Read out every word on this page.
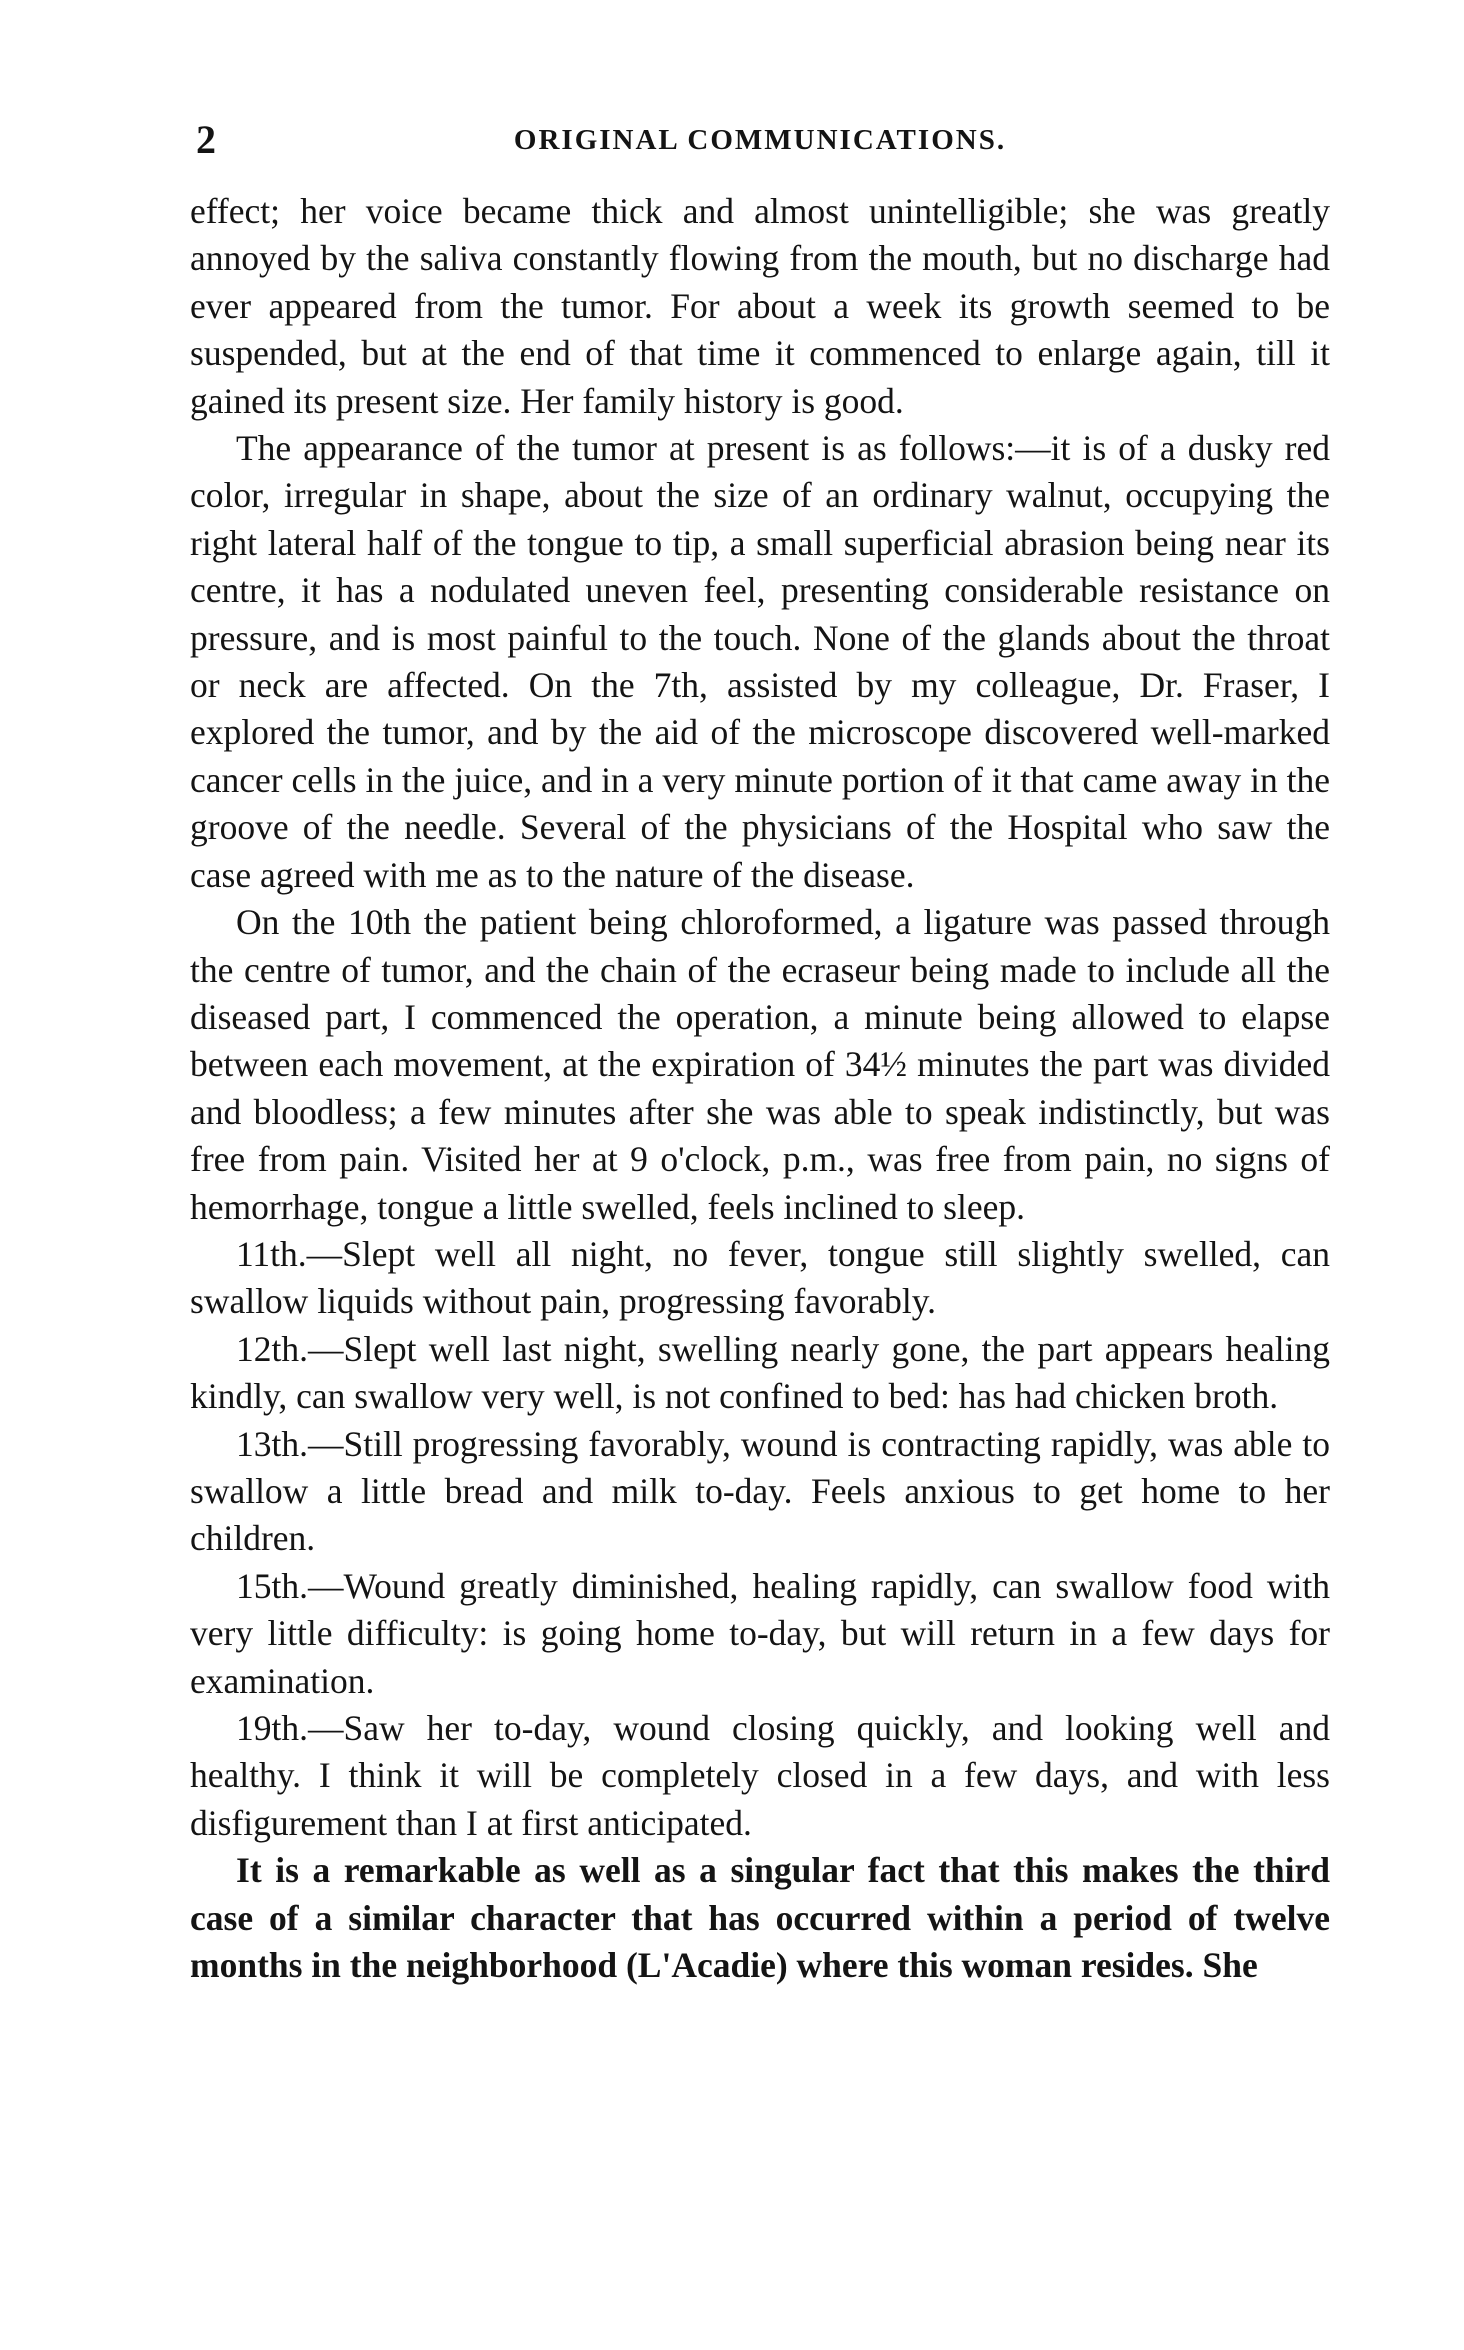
2	ORIGINAL COMMUNICATIONS.

effect; her voice became thick and almost unintelligible; she was greatly annoyed by the saliva constantly flowing from the mouth, but no discharge had ever appeared from the tumor. For about a week its growth seemed to be suspended, but at the end of that time it commenced to enlarge again, till it gained its present size. Her family history is good.

The appearance of the tumor at present is as follows:—it is of a dusky red color, irregular in shape, about the size of an ordinary walnut, occupying the right lateral half of the tongue to tip, a small superficial abrasion being near its centre, it has a nodulated uneven feel, presenting considerable resistance on pressure, and is most painful to the touch. None of the glands about the throat or neck are affected. On the 7th, assisted by my colleague, Dr. Fraser, I explored the tumor, and by the aid of the microscope discovered well-marked cancer cells in the juice, and in a very minute portion of it that came away in the groove of the needle. Several of the physicians of the Hospital who saw the case agreed with me as to the nature of the disease.

On the 10th the patient being chloroformed, a ligature was passed through the centre of tumor, and the chain of the ecraseur being made to include all the diseased part, I commenced the operation, a minute being allowed to elapse between each movement, at the expiration of 34½ minutes the part was divided and bloodless; a few minutes after she was able to speak indistinctly, but was free from pain. Visited her at 9 o'clock, p.m., was free from pain, no signs of hemorrhage, tongue a little swelled, feels inclined to sleep.

11th.—Slept well all night, no fever, tongue still slightly swelled, can swallow liquids without pain, progressing favorably.

12th.—Slept well last night, swelling nearly gone, the part appears healing kindly, can swallow very well, is not confined to bed: has had chicken broth.

13th.—Still progressing favorably, wound is contracting rapidly, was able to swallow a little bread and milk to-day. Feels anxious to get home to her children.

15th.—Wound greatly diminished, healing rapidly, can swallow food with very little difficulty: is going home to-day, but will return in a few days for examination.

19th.—Saw her to-day, wound closing quickly, and looking well and healthy. I think it will be completely closed in a few days, and with less disfigurement than I at first anticipated.

It is a remarkable as well as a singular fact that this makes the third case of a similar character that has occurred within a period of twelve months in the neighborhood (L'Acadie) where this woman resides. She
